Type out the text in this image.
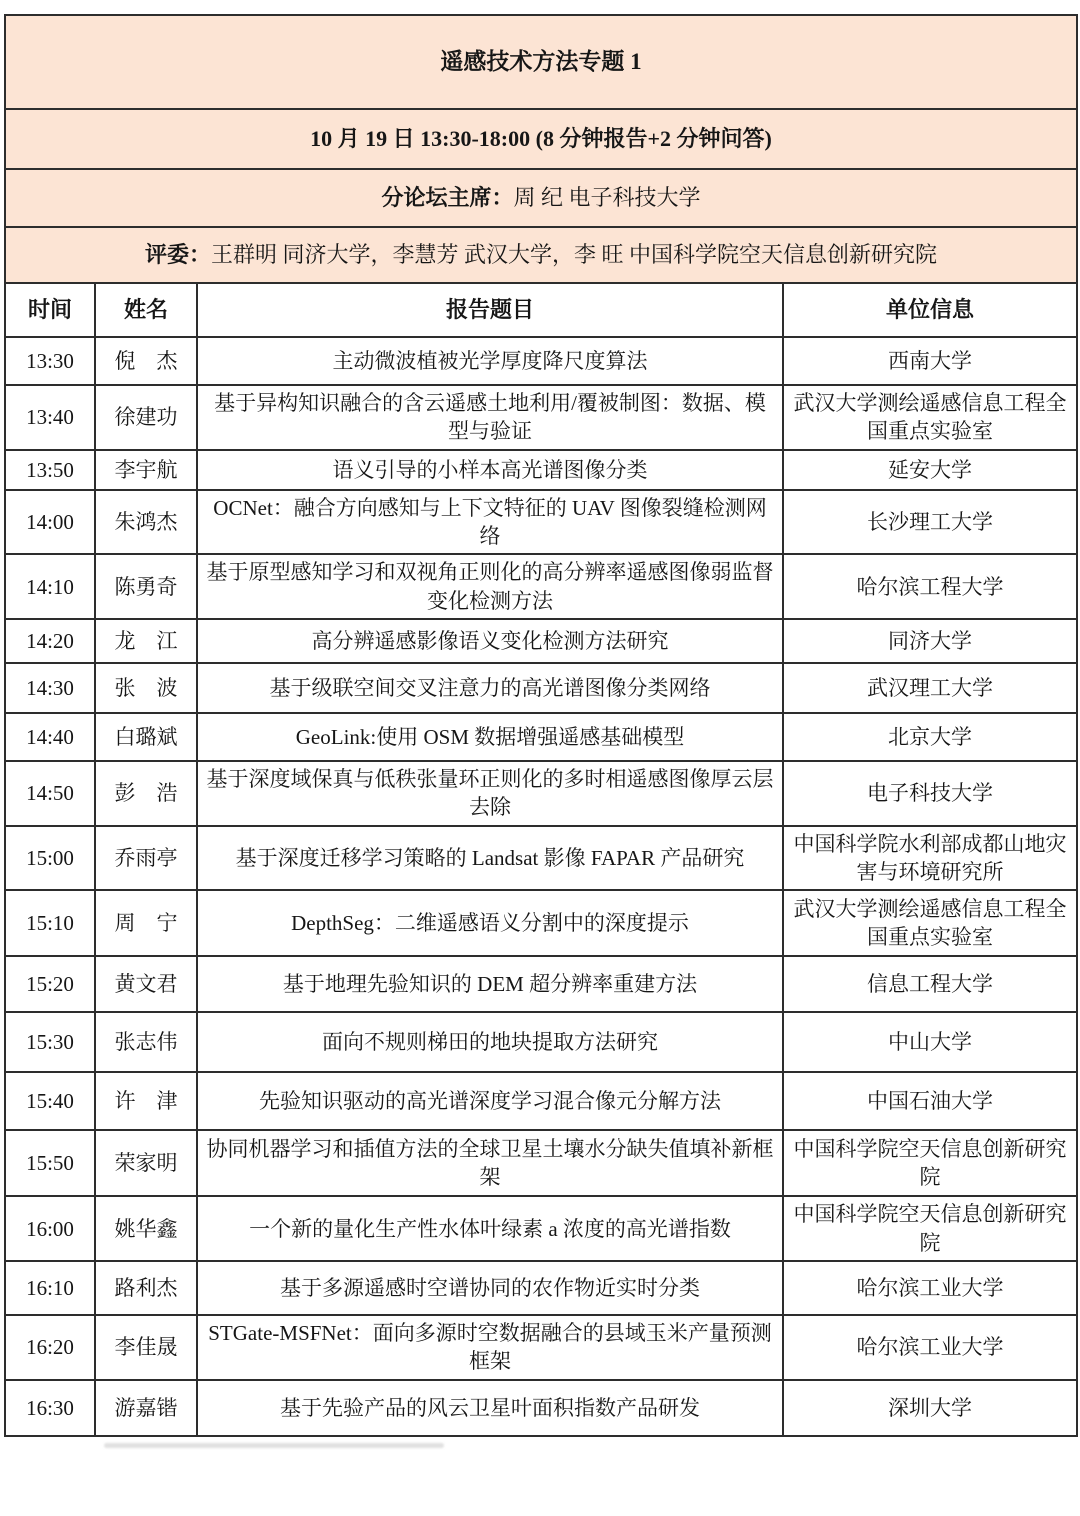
遥感技术方法专题 1			
10 月 19 日 13:30-18:00 (8 分钟报告+2 分钟问答)			
分论坛主席：周 纪 电子科技大学			
评委：王群明 同济大学，李慧芳 武汉大学，李 旺 中国科学院空天信息创新研究院			
时间	姓名	报告题目	单位信息
13:30	倪　杰	主动微波植被光学厚度降尺度算法	西南大学
13:40	徐建功	基于异构知识融合的含云遥感土地利用/覆被制图：数据、模型与验证	武汉大学测绘遥感信息工程全国重点实验室
13:50	李宇航	语义引导的小样本高光谱图像分类	延安大学
14:00	朱鸿杰	OCNet：融合方向感知与上下文特征的 UAV 图像裂缝检测网络	长沙理工大学
14:10	陈勇奇	基于原型感知学习和双视角正则化的高分辨率遥感图像弱监督变化检测方法	哈尔滨工程大学
14:20	龙　江	高分辨遥感影像语义变化检测方法研究	同济大学
14:30	张　波	基于级联空间交叉注意力的高光谱图像分类网络	武汉理工大学
14:40	白璐斌	GeoLink:使用 OSM 数据增强遥感基础模型	北京大学
14:50	彭　浩	基于深度域保真与低秩张量环正则化的多时相遥感图像厚云层去除	电子科技大学
15:00	乔雨亭	基于深度迁移学习策略的 Landsat 影像 FAPAR 产品研究	中国科学院水利部成都山地灾害与环境研究所
15:10	周　宁	DepthSeg：二维遥感语义分割中的深度提示	武汉大学测绘遥感信息工程全国重点实验室
15:20	黄文君	基于地理先验知识的 DEM 超分辨率重建方法	信息工程大学
15:30	张志伟	面向不规则梯田的地块提取方法研究	中山大学
15:40	许　津	先验知识驱动的高光谱深度学习混合像元分解方法	中国石油大学
15:50	荣家明	协同机器学习和插值方法的全球卫星土壤水分缺失值填补新框架	中国科学院空天信息创新研究院
16:00	姚华鑫	一个新的量化生产性水体叶绿素 a 浓度的高光谱指数	中国科学院空天信息创新研究院
16:10	路利杰	基于多源遥感时空谱协同的农作物近实时分类	哈尔滨工业大学
16:20	李佳晟	STGate-MSFNet：面向多源时空数据融合的县域玉米产量预测框架	哈尔滨工业大学
16:30	游嘉锴	基于先验产品的风云卫星叶面积指数产品研发	深圳大学
